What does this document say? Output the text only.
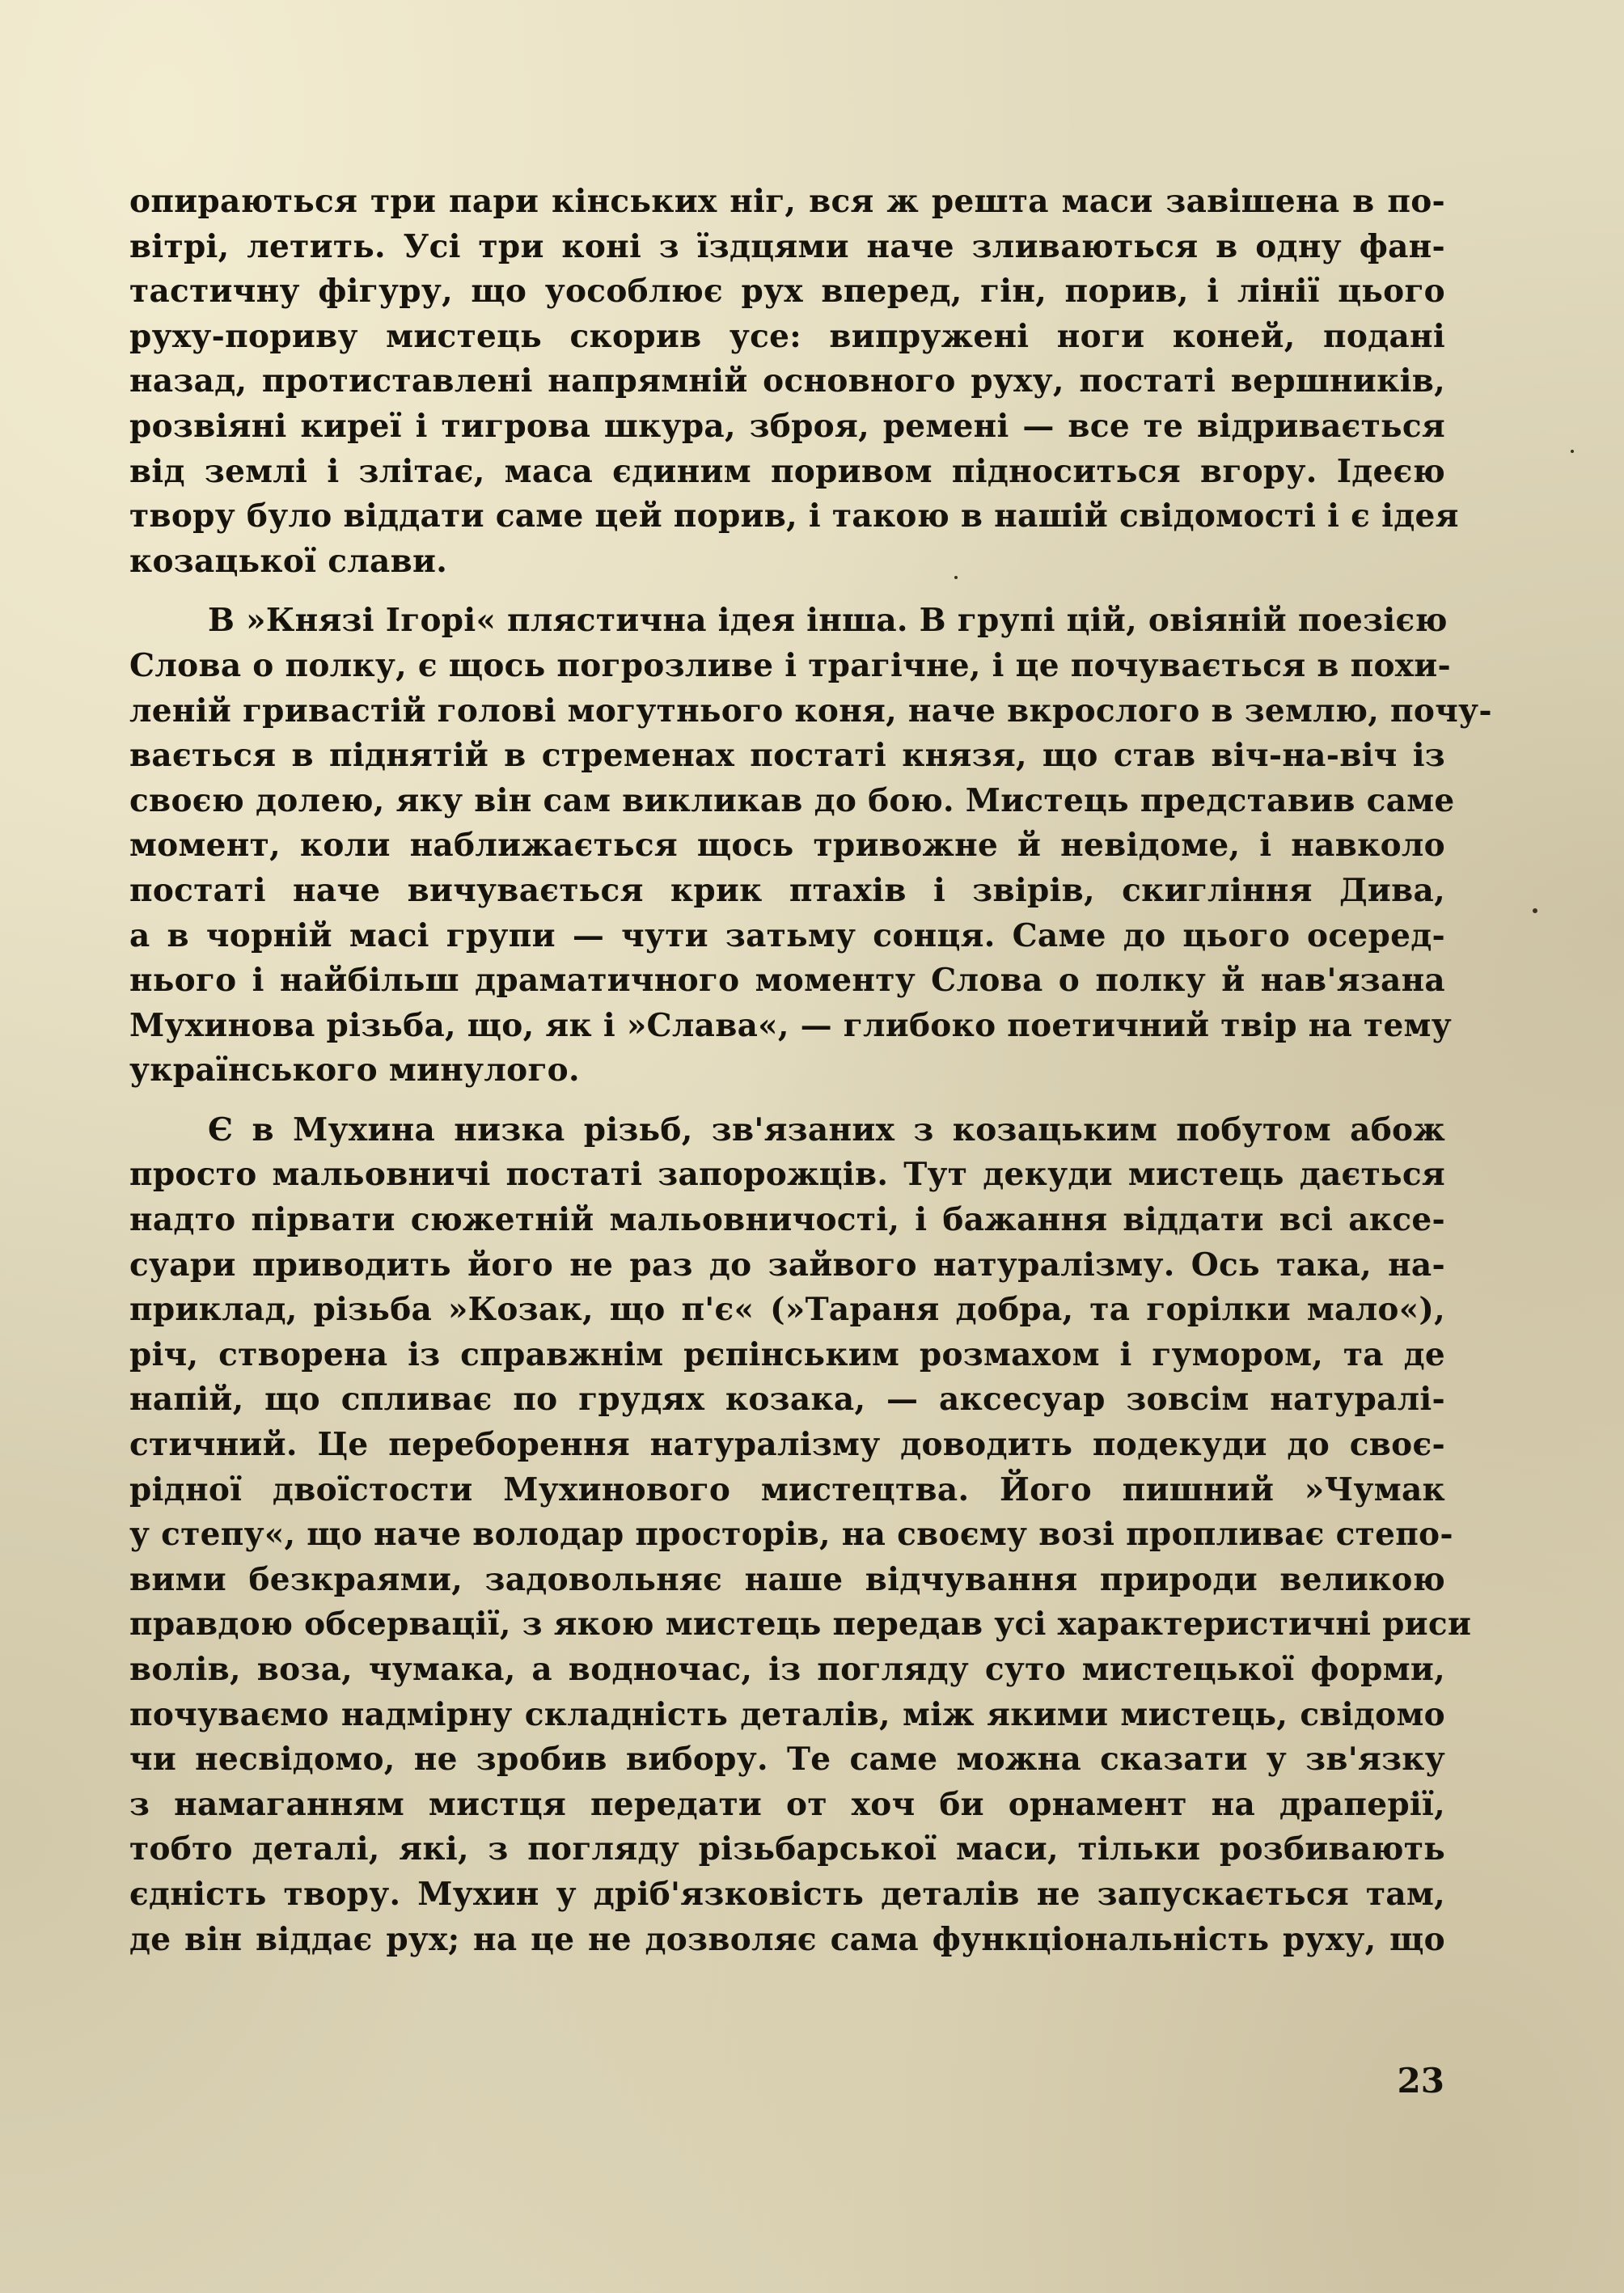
опираються три пари кінських ніг, вся ж решта маси завішена в по-
вітрі, летить. Усі три коні з їздцями наче зливаються в одну фан-
тастичну фігуру, що уособлює рух вперед, гін, порив, і лінії цього
руху-пориву мистець скорив усе: випружені ноги коней, подані
назад, протиставлені напрямній основного руху, постаті вершників,
розвіяні киреї і тигрова шкура, зброя, ремені — все те відривається
від землі і злітає, маса єдиним поривом підноситься вгору. Ідеєю
твору було віддати саме цей порив, і такою в нашій свідомості і є ідея
козацької слави.

В »Князі Ігорі« плястична ідея інша. В групі цій, овіяній поезією
Слова о полку, є щось погрозливе і трагічне, і це почувається в похи-
леній гривастій голові могутнього коня, наче вкрослого в землю, почу-
вається в піднятій в стременах постаті князя, що став віч-на-віч із
своєю долею, яку він сам викликав до бою. Мистець представив саме
момент, коли наближається щось тривожне й невідоме, і навколо
постаті наче вичувається крик птахів і звірів, скигління Дива,
а в чорній масі групи — чути затьму сонця. Саме до цього осеред-
нього і найбільш драматичного моменту Слова о полку й нав'язана
Мухинова різьба, що, як і »Слава«, — глибоко поетичний твір на тему
українського минулого.

Є в Мухина низка різьб, зв'язаних з козацьким побутом абож
просто мальовничі постаті запорожців. Тут декуди мистець дається
надто пірвати сюжетній мальовничості, і бажання віддати всі аксе-
суари приводить його не раз до зайвого натуралізму. Ось така, на-
приклад, різьба »Козак, що п'є« (»Тараня добра, та горілки мало«),
річ, створена із справжнім рєпінським розмахом і гумором, та де
напій, що спливає по грудях козака, — аксесуар зовсім натуралі-
стичний. Це переборення натуралізму доводить подекуди до своє-
рідної двоїстости Мухинового мистецтва. Його пишний »Чумак
у степу«, що наче володар просторів, на своєму возі пропливає степо-
вими безкраями, задовольняє наше відчування природи великою
правдою обсервації, з якою мистець передав усі характеристичні риси
волів, воза, чумака, а водночас, із погляду суто мистецької форми,
почуваємо надмірну складність деталів, між якими мистець, свідомо
чи несвідомо, не зробив вибору. Те саме можна сказати у зв'язку
з намаганням мистця передати от хоч би орнамент на драперії,
тобто деталі, які, з погляду різьбарської маси, тільки розбивають
єдність твору. Мухин у дріб'язковість деталів не запускається там,
де він віддає рух; на це не дозволяє сама функціональність руху, що

23
